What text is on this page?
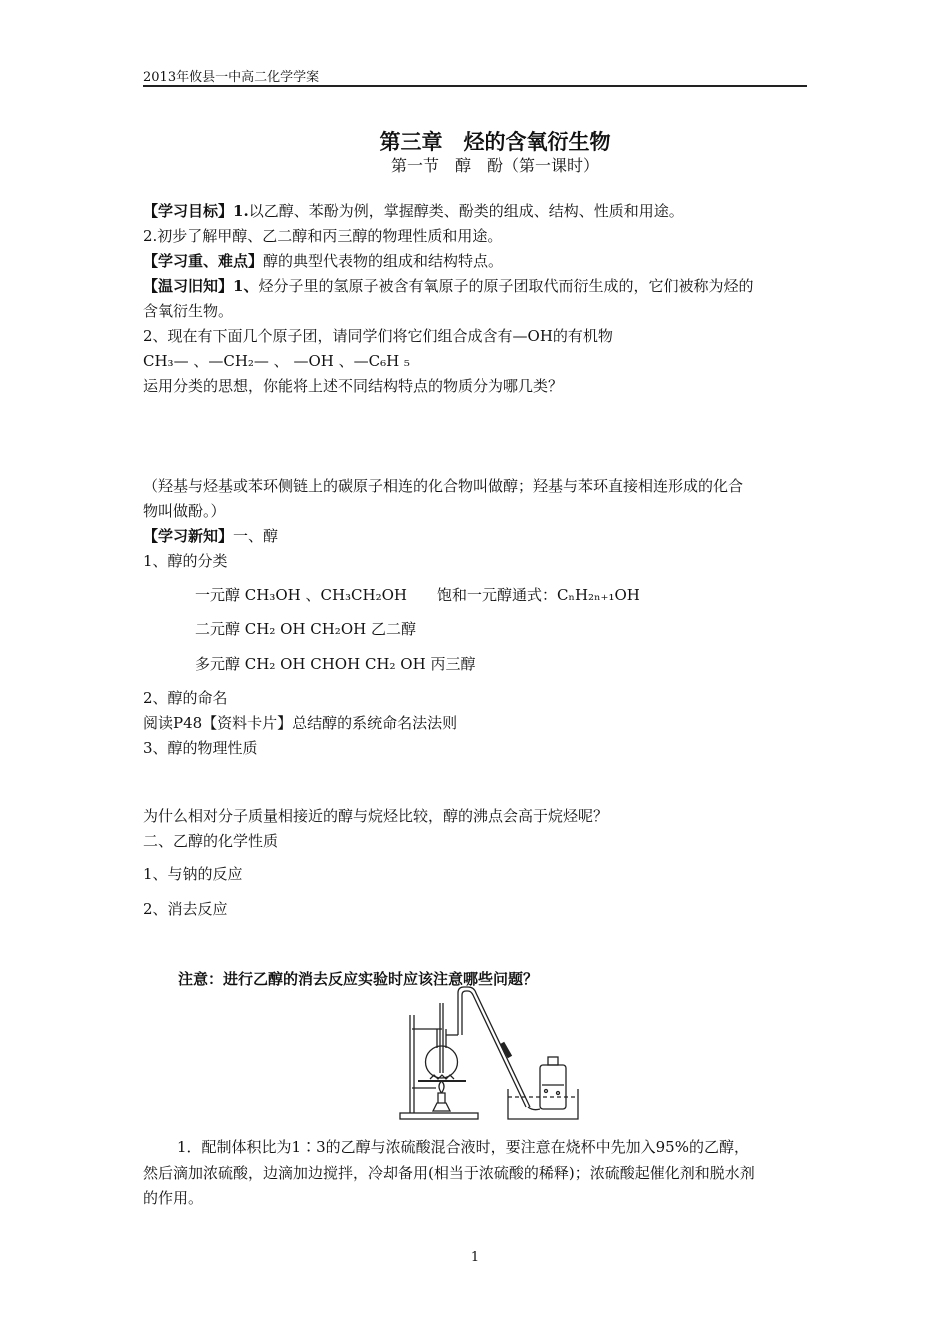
2013年攸县一中高二化学学案
第三章　烃的含氧衍生物
第一节　醇　酚（第一课时）
【学习目标】1.以乙醇、苯酚为例，掌握醇类、酚类的组成、结构、性质和用途。
2.初步了解甲醇、乙二醇和丙三醇的物理性质和用途。
【学习重、难点】醇的典型代表物的组成和结构特点。
【温习旧知】1、烃分子里的氢原子被含有氧原子的原子团取代而衍生成的，它们被称为烃的
含氧衍生物。
2、现在有下面几个原子团，请同学们将它们组合成含有—OH的有机物
CH₃— 、—CH₂— 、 —OH 、—C₆H ₅
运用分类的思想，你能将上述不同结构特点的物质分为哪几类？
（羟基与烃基或苯环侧链上的碳原子相连的化合物叫做醇；羟基与苯环直接相连形成的化合
物叫做酚。）
【学习新知】一、醇
1、醇的分类
一元醇 CH₃OH 、CH₃CH₂OH　　饱和一元醇通式：CₙH₂ₙ₊₁OH
二元醇 CH₂ OH CH₂OH 乙二醇
多元醇 CH₂ OH CHOH CH₂ OH 丙三醇
2、醇的命名
阅读P48【资料卡片】总结醇的系统命名法法则
3、醇的物理性质
为什么相对分子质量相接近的醇与烷烃比较，醇的沸点会高于烷烃呢？
二、乙醇的化学性质
1、与钠的反应
2、消去反应
注意：进行乙醇的消去反应实验时应该注意哪些问题？
1．配制体积比为1∶3的乙醇与浓硫酸混合液时，要注意在烧杯中先加入95%的乙醇，
然后滴加浓硫酸，边滴加边搅拌，冷却备用(相当于浓硫酸的稀释)；浓硫酸起催化剂和脱水剂
的作用。
1
